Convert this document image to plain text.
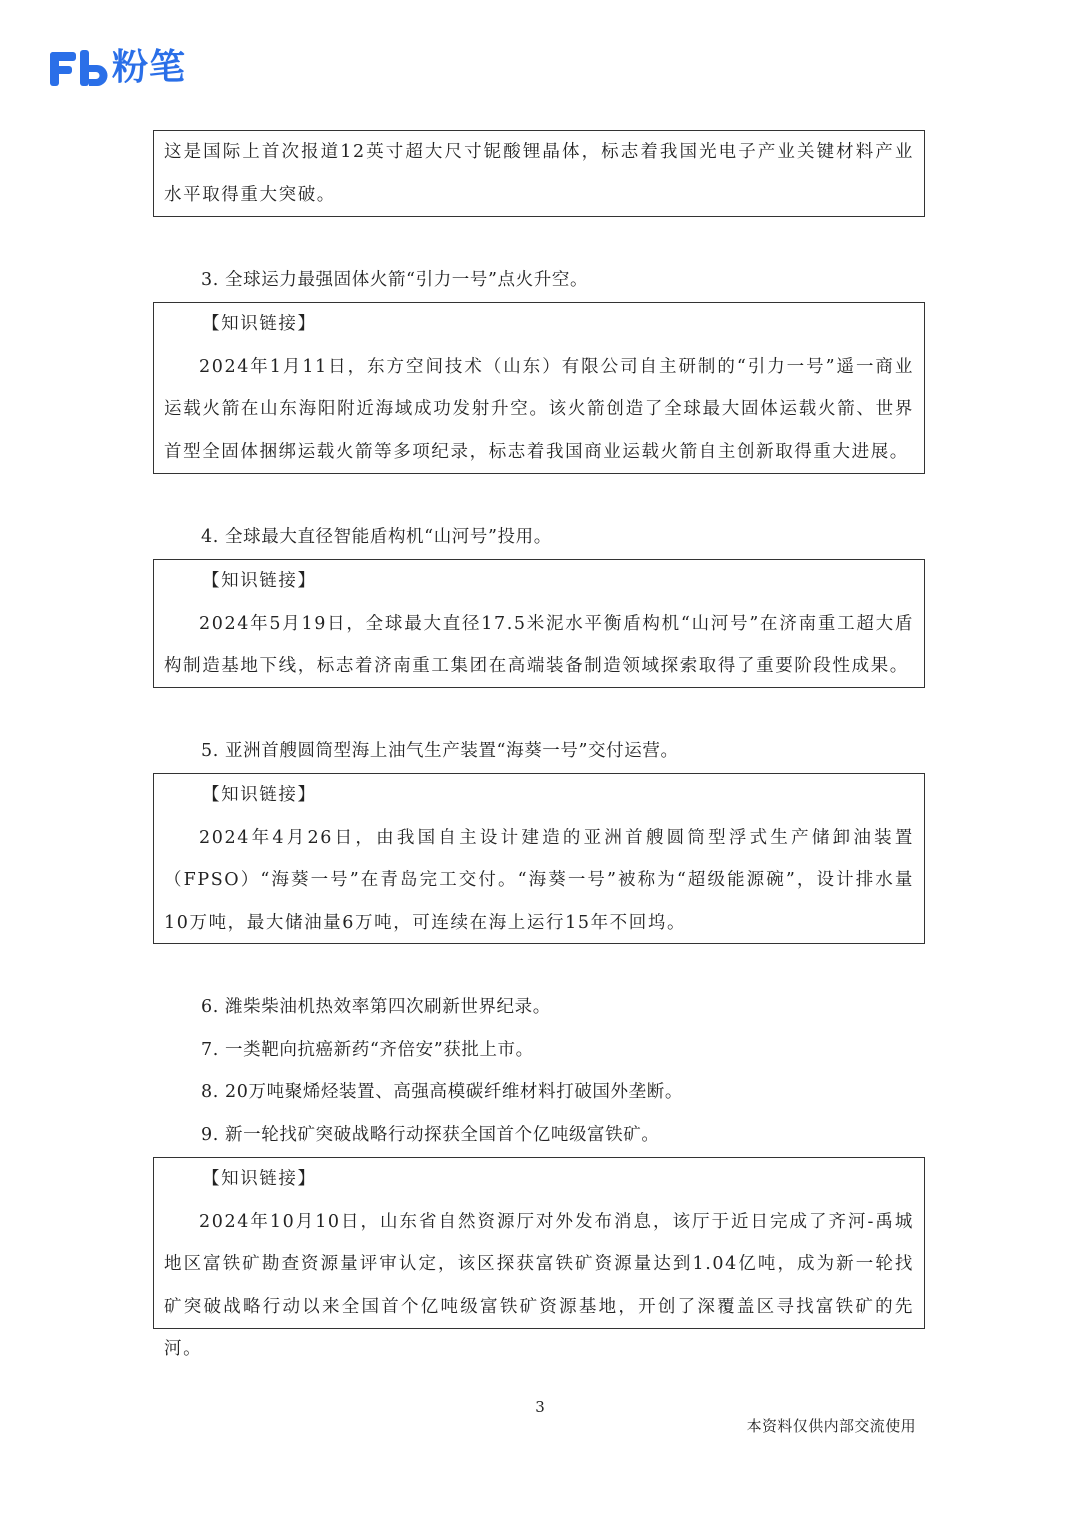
粉笔

这是国际上首次报道12英寸超大尺寸铌酸锂晶体，标志着我国光电子产业关键材料产业水平取得重大突破。

3. 全球运力最强固体火箭“引力一号”点火升空。

【知识链接】

2024年1月11日，东方空间技术（山东）有限公司自主研制的“引力一号”遥一商业运载火箭在山东海阳附近海域成功发射升空。该火箭创造了全球最大固体运载火箭、世界首型全固体捆绑运载火箭等多项纪录，标志着我国商业运载火箭自主创新取得重大进展。

4. 全球最大直径智能盾构机“山河号”投用。

【知识链接】

2024年5月19日，全球最大直径17.5米泥水平衡盾构机“山河号”在济南重工超大盾构制造基地下线，标志着济南重工集团在高端装备制造领域探索取得了重要阶段性成果。

5. 亚洲首艘圆筒型海上油气生产装置“海葵一号”交付运营。

【知识链接】

2024年4月26日，由我国自主设计建造的亚洲首艘圆筒型浮式生产储卸油装置（FPSO）“海葵一号”在青岛完工交付。“海葵一号”被称为“超级能源碗”，设计排水量10万吨，最大储油量6万吨，可连续在海上运行15年不回坞。

6. 潍柴柴油机热效率第四次刷新世界纪录。

7. 一类靶向抗癌新药“齐倍安”获批上市。

8. 20万吨聚烯烃装置、高强高模碳纤维材料打破国外垄断。

9. 新一轮找矿突破战略行动探获全国首个亿吨级富铁矿。

【知识链接】

2024年10月10日，山东省自然资源厅对外发布消息，该厅于近日完成了齐河-禹城地区富铁矿勘查资源量评审认定，该区探获富铁矿资源量达到1.04亿吨，成为新一轮找矿突破战略行动以来全国首个亿吨级富铁矿资源基地，开创了深覆盖区寻找富铁矿的先河。

3
本资料仅供内部交流使用
